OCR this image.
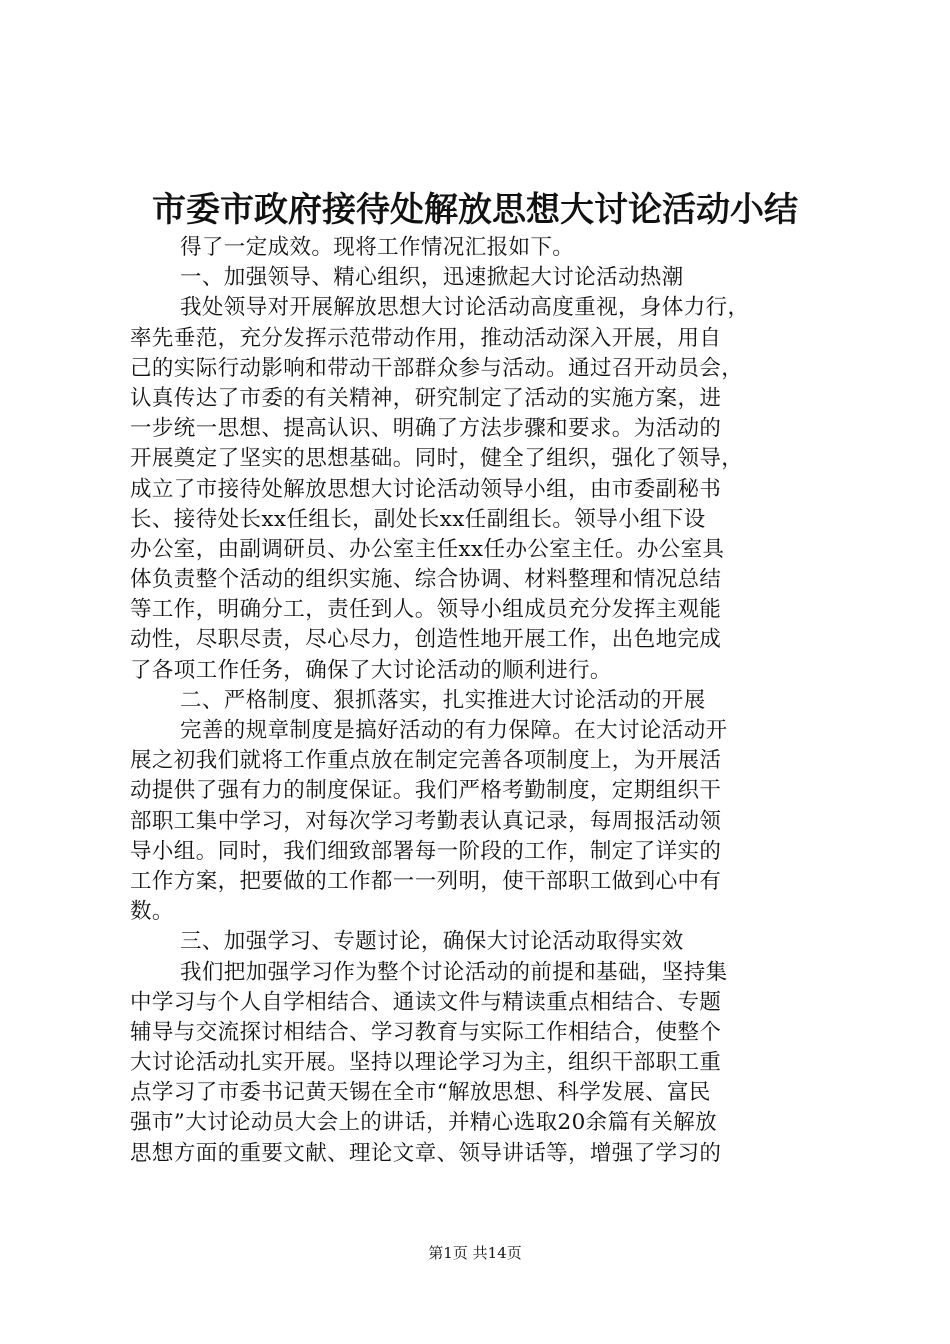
市委市政府接待处解放思想大讨论活动小结
得了一定成效。现将工作情况汇报如下。
一、加强领导、精心组织，迅速掀起大讨论活动热潮
我处领导对开展解放思想大讨论活动高度重视，身体力行，
率先垂范，充分发挥示范带动作用，推动活动深入开展，用自
己的实际行动影响和带动干部群众参与活动。通过召开动员会，
认真传达了市委的有关精神，研究制定了活动的实施方案，进
一步统一思想、提高认识、明确了方法步骤和要求。为活动的
开展奠定了坚实的思想基础。同时，健全了组织，强化了领导，
成立了市接待处解放思想大讨论活动领导小组，由市委副秘书
长、接待处长xx任组长，副处长xx任副组长。领导小组下设
办公室，由副调研员、办公室主任xx任办公室主任。办公室具
体负责整个活动的组织实施、综合协调、材料整理和情况总结
等工作，明确分工，责任到人。领导小组成员充分发挥主观能
动性，尽职尽责，尽心尽力，创造性地开展工作，出色地完成
了各项工作任务，确保了大讨论活动的顺利进行。
二、严格制度、狠抓落实，扎实推进大讨论活动的开展
完善的规章制度是搞好活动的有力保障。在大讨论活动开
展之初我们就将工作重点放在制定完善各项制度上，为开展活
动提供了强有力的制度保证。我们严格考勤制度，定期组织干
部职工集中学习，对每次学习考勤表认真记录，每周报活动领
导小组。同时，我们细致部署每一阶段的工作，制定了详实的
工作方案，把要做的工作都一一列明，使干部职工做到心中有
数。
三、加强学习、专题讨论，确保大讨论活动取得实效
我们把加强学习作为整个讨论活动的前提和基础，坚持集
中学习与个人自学相结合、通读文件与精读重点相结合、专题
辅导与交流探讨相结合、学习教育与实际工作相结合，使整个
大讨论活动扎实开展。坚持以理论学习为主，组织干部职工重
点学习了市委书记黄天锡在全市“解放思想、科学发展、富民
强市”大讨论动员大会上的讲话，并精心选取20余篇有关解放
思想方面的重要文献、理论文章、领导讲话等，增强了学习的
第1页 共14页
